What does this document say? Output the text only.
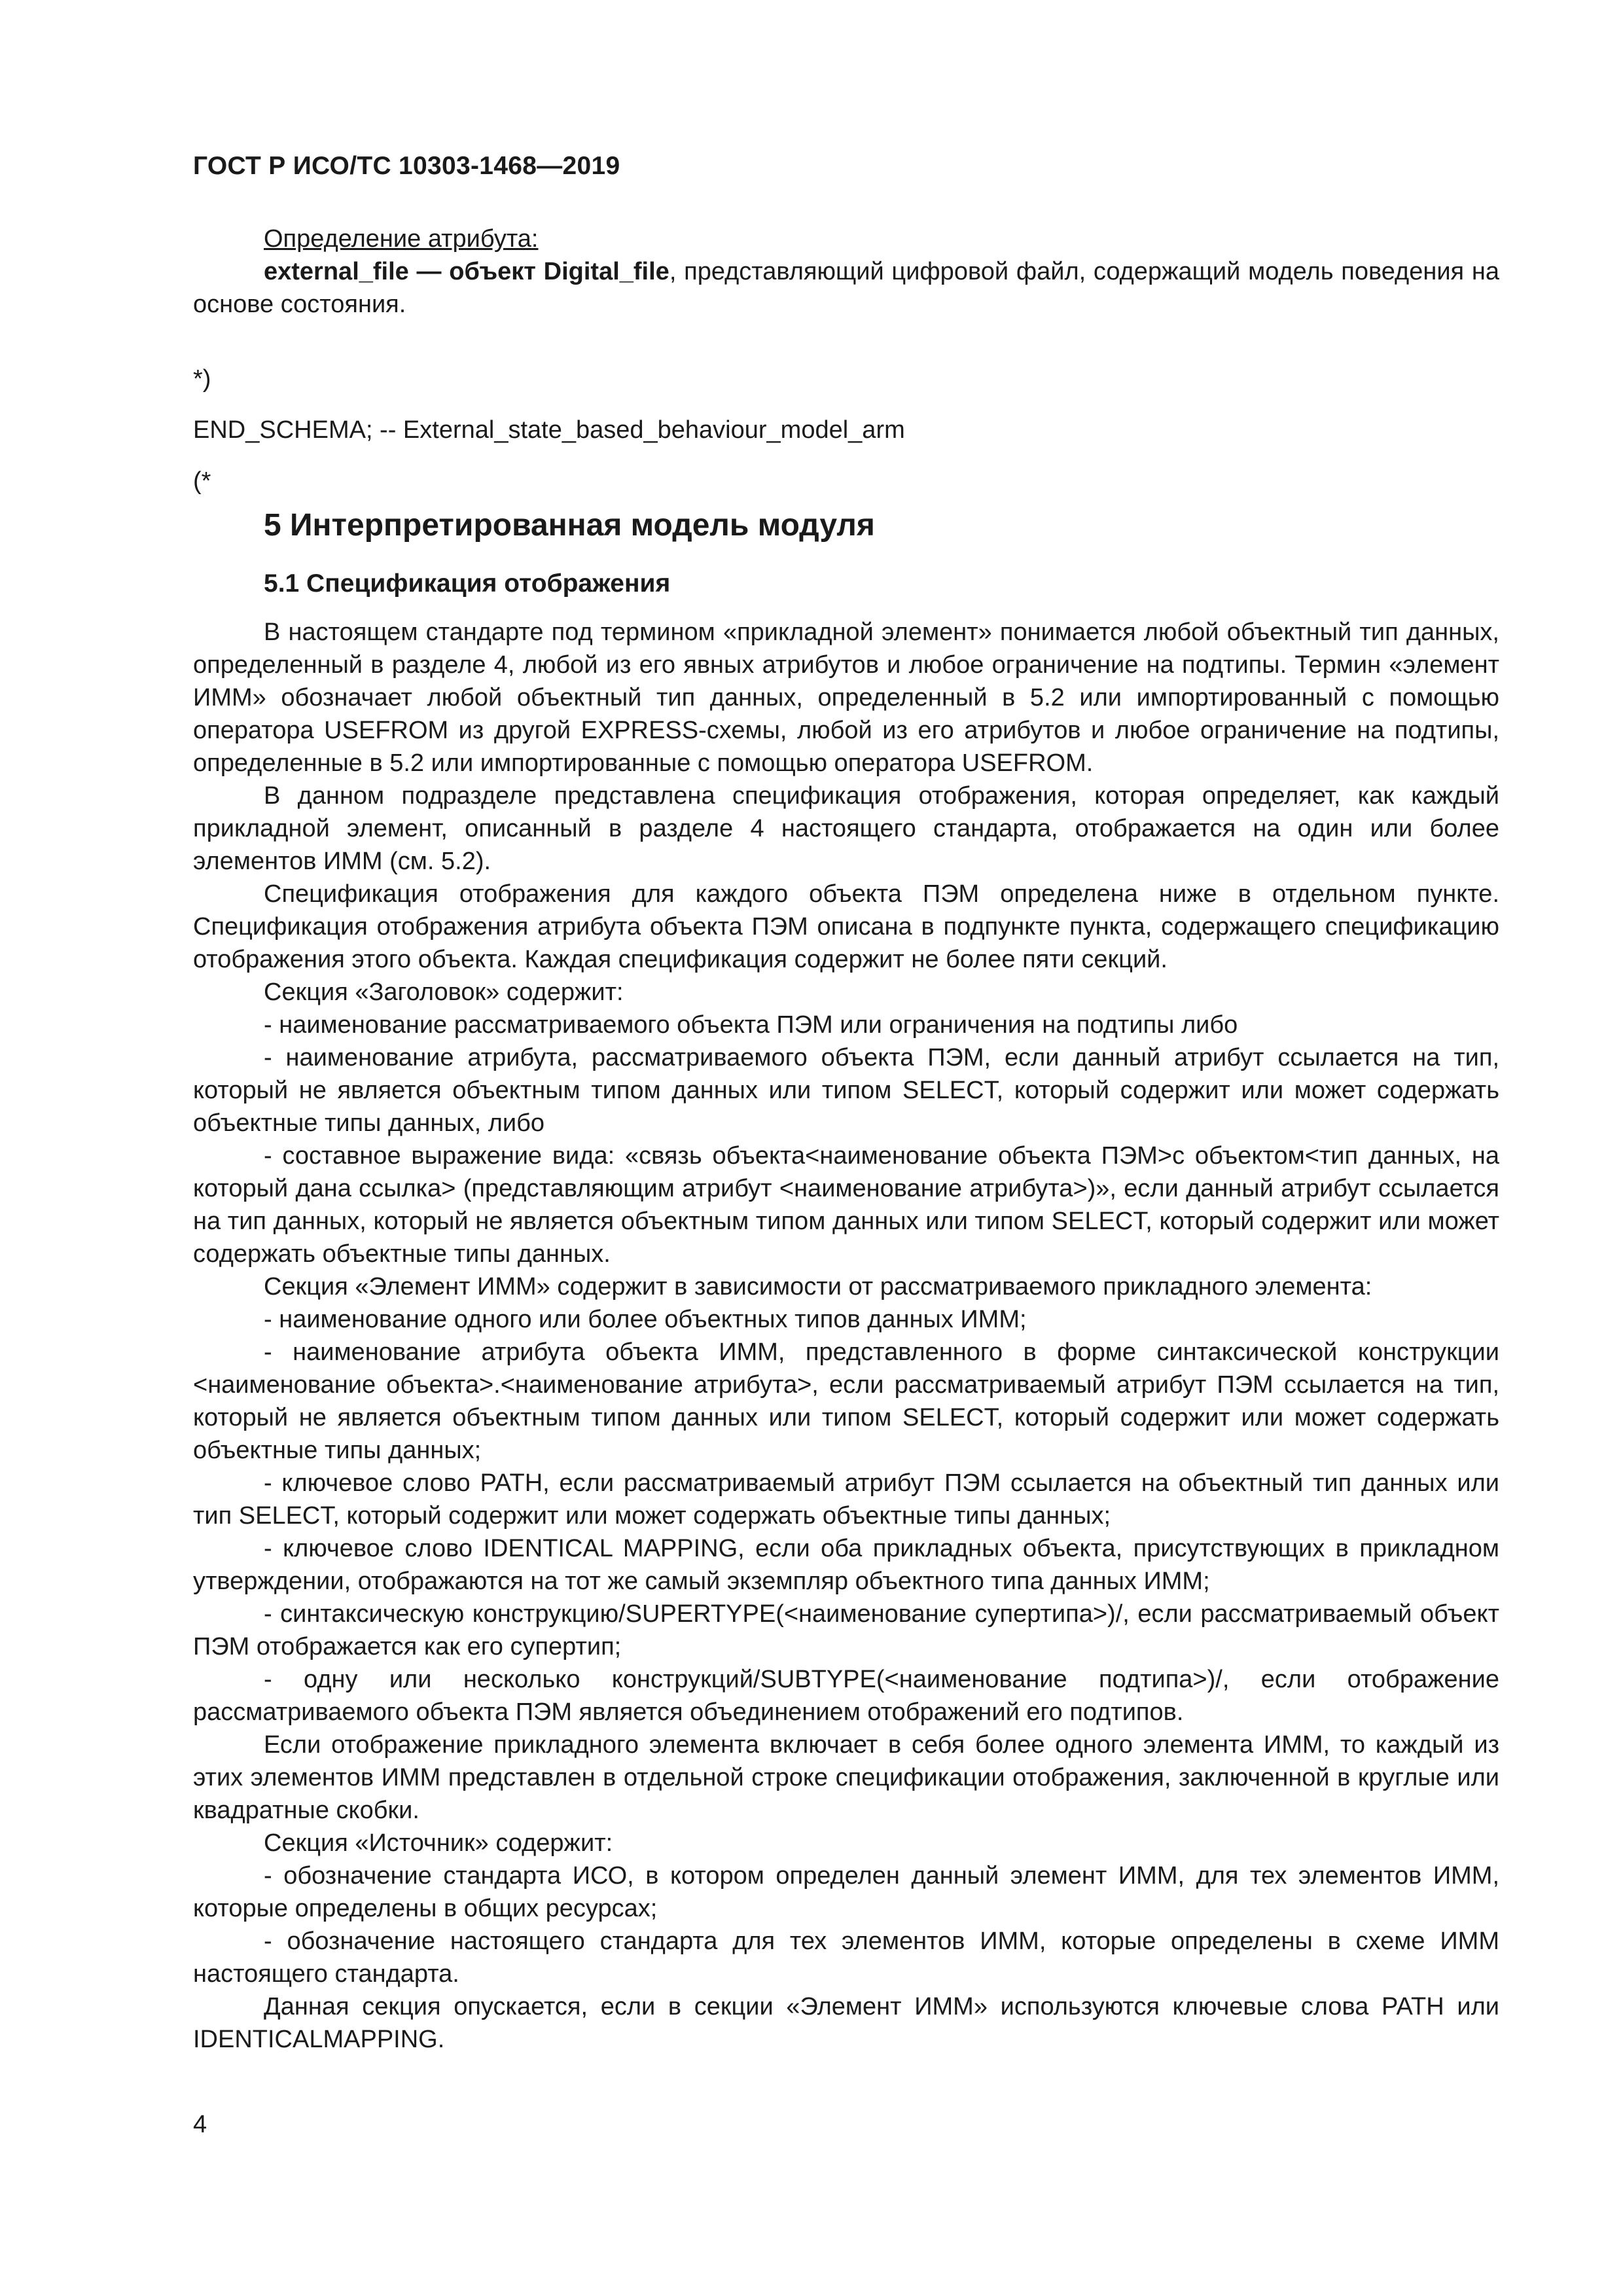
ГОСТ Р ИСО/ТС 10303-1468—2019
Определение атрибута:

external_file — объект Digital_file, представляющий цифровой файл, содержащий модель поведения на основе состояния.

*)
END_SCHEMA; -- External_state_based_behaviour_model_arm
(*
5 Интерпретированная модель модуля
5.1 Спецификация отображения

В настоящем стандарте под термином «прикладной элемент» понимается любой объектный тип данных, определенный в разделе 4, любой из его явных атрибутов и любое ограничение на подтипы. Термин «элемент ИММ» обозначает любой объектный тип данных, определенный в 5.2 или импортированный с помощью оператора USEFROM из другой EXPRESS-схемы, любой из его атрибутов и любое ограничение на подтипы, определенные в 5.2 или импортированные с помощью оператора USEFROM.

В данном подразделе представлена спецификация отображения, которая определяет, как каждый прикладной элемент, описанный в разделе 4 настоящего стандарта, отображается на один или более элементов ИММ (см. 5.2).

Спецификация отображения для каждого объекта ПЭМ определена ниже в отдельном пункте. Спецификация отображения атрибута объекта ПЭМ описана в подпункте пункта, содержащего спецификацию отображения этого объекта. Каждая спецификация содержит не более пяти секций.

Секция «Заголовок» содержит:

- наименование рассматриваемого объекта ПЭМ или ограничения на подтипы либо

- наименование атрибута, рассматриваемого объекта ПЭМ, если данный атрибут ссылается на тип, который не является объектным типом данных или типом SELECT, который содержит или может содержать объектные типы данных, либо

- составное выражение вида: «связь объекта<наименование объекта ПЭМ>с объектом<тип данных, на который дана ссылка> (представляющим атрибут <наименование атрибута>)», если данный атрибут ссылается на тип данных, который не является объектным типом данных или типом SELECT, который содержит или может содержать объектные типы данных.

Секция «Элемент ИММ» содержит в зависимости от рассматриваемого прикладного элемента:

- наименование одного или более объектных типов данных ИММ;

- наименование атрибута объекта ИММ, представленного в форме синтаксической конструкции <наименование объекта>.<наименование атрибута>, если рассматриваемый атрибут ПЭМ ссылается на тип, который не является объектным типом данных или типом SELECT, который содержит или может содержать объектные типы данных;

- ключевое слово PATH, если рассматриваемый атрибут ПЭМ ссылается на объектный тип данных или тип SELECT, который содержит или может содержать объектные типы данных;

- ключевое слово IDENTICAL MAPPING, если оба прикладных объекта, присутствующих в прикладном утверждении, отображаются на тот же самый экземпляр объектного типа данных ИММ;

- синтаксическую конструкцию/SUPERTYPE(<наименование супертипа>)/, если рассматриваемый объект ПЭМ отображается как его супертип;

- одну или несколько конструкций/SUBTYPE(<наименование подтипа>)/, если отображение рассматриваемого объекта ПЭМ является объединением отображений его подтипов.

Если отображение прикладного элемента включает в себя более одного элемента ИММ, то каждый из этих элементов ИММ представлен в отдельной строке спецификации отображения, заключенной в круглые или квадратные скобки.

Секция «Источник» содержит:

- обозначение стандарта ИСО, в котором определен данный элемент ИММ, для тех элементов ИММ, которые определены в общих ресурсах;

- обозначение настоящего стандарта для тех элементов ИММ, которые определены в схеме ИММ настоящего стандарта.

Данная секция опускается, если в секции «Элемент ИММ» используются ключевые слова PATH или IDENTICALMAPPING.

4
